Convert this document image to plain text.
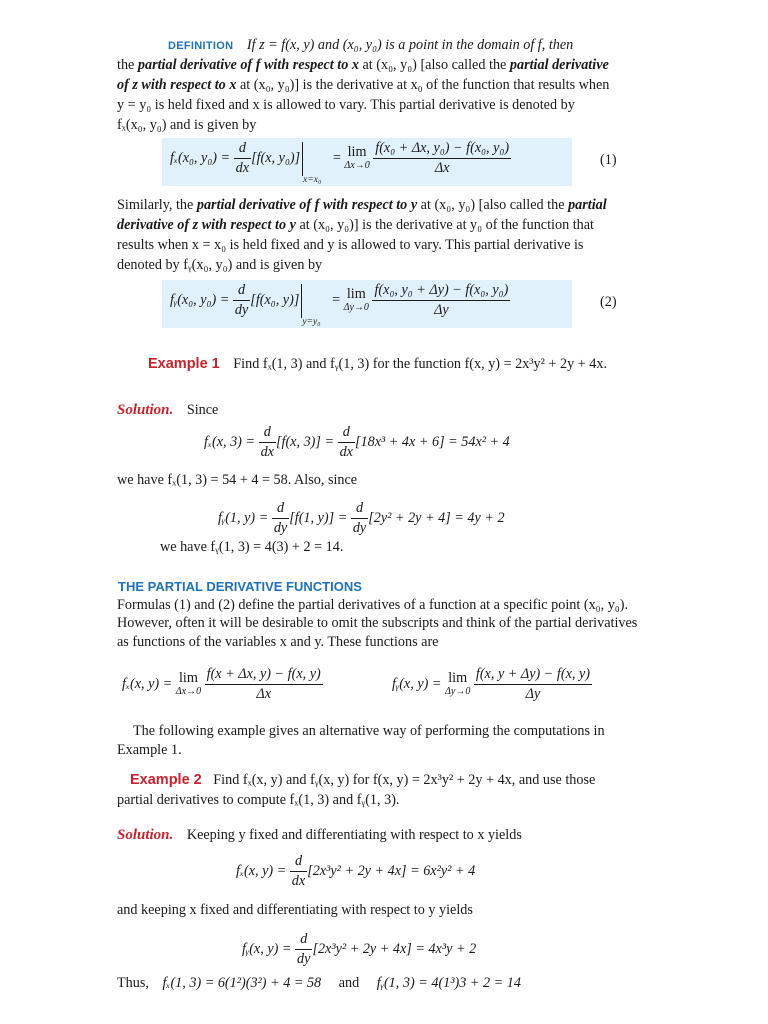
DEFINITION If z = f(x, y) and (x₀, y₀) is a point in the domain of f, then
the partial derivative of f with respect to x at (x₀, y₀) [also called the partial derivative
of z with respect to x at (x₀, y₀)] is the derivative at x₀ of the function that results when
y = y₀ is held fixed and x is allowed to vary. This partial derivative is denoted by
fₓ(x₀, y₀) and is given by
fₓ(x₀, $y_0) = \frac{d}{dx} [f(x$, y₀)]x=x₀ = lim
Δx→0
$\frac{\text{f(x₀ + Δx, y₀) − f(x₀, y₀)}}{\Delta x}$	(1)
Similarly, the partial derivative of f with respect to y at (x₀, y₀) [also called the partial
derivative of z with respect to y at (x₀, y₀)] is the derivative at y₀ of the function that
results when x = x₀ is held fixed and y is allowed to vary. This partial derivative is
denoted by fᵧ(x₀, y₀) and is given by
fᵧ(x₀, $y_0) = \frac{d}{dy} [f(x_0$, y)]y=y₀ = lim
Δy→0
$\frac{\text{f(x₀, y₀ + Δy) − f(x₀, y₀)}}{\Delta y}$	(2)
Example 1 Find fₓ(1, 3) and fᵧ(1, 3) for the function f(x, y) = 2x³y² + 2y + 4x.
Solution. Since
fₓ(x, $3) = \frac{d}{dx} [f(x$, $3)] = \frac{d}{dx} [18x^3 + 4x + 6] = 54x^2 + 4$
we have fₓ(1, 3) = 54 + 4 = 58. Also, since
fᵧ(1, $y) = \frac{d}{dy} [f(1$, $y)] = \frac{d}{dy} [2y^2 + 2y + 4] = 4y + 2$
we have fᵧ(1, 3) = 4(3) + 2 = 14.
THE PARTIAL DERIVATIVE FUNCTIONS
Formulas (1) and (2) define the partial derivatives of a function at a specific point (x₀, y₀).
However, often it will be desirable to omit the subscripts and think of the partial derivatives
as functions of the variables x and y. These functions are
fₓ(x, y) = lim
Δx→0
$\frac{f(x + \Delta x, y) - f(x, y)}{\Delta x}$	fᵧ(x, y) = lim
Δy→0
$\frac{f(x, y + \Delta y) - f(x, y)}{\Delta y}$
The following example gives an alternative way of performing the computations in
Example 1.
Example 2 Find fₓ(x, y) and fᵧ(x, y) for f(x, y) = 2x³y² + 2y + 4x, and use those
partial derivatives to compute fₓ(1, 3) and fᵧ(1, 3).
Solution. Keeping y fixed and differentiating with respect to x yields
fₓ(x, $y) = \frac{d}{dx} [2x^3y^2 + 2y + 4x] = 6x^2y^2 + 4$
and keeping x fixed and differentiating with respect to y yields
fᵧ(x, $y) = \frac{d}{dy} [2x^3y^2 + 2y + 4x] = 4x^3y + 2$
Thus, fₓ(1, 3) = 6(1²)(3²) + 4 = 58 and fᵧ(1, 3) = 4(1³)3 + 2 = 14
